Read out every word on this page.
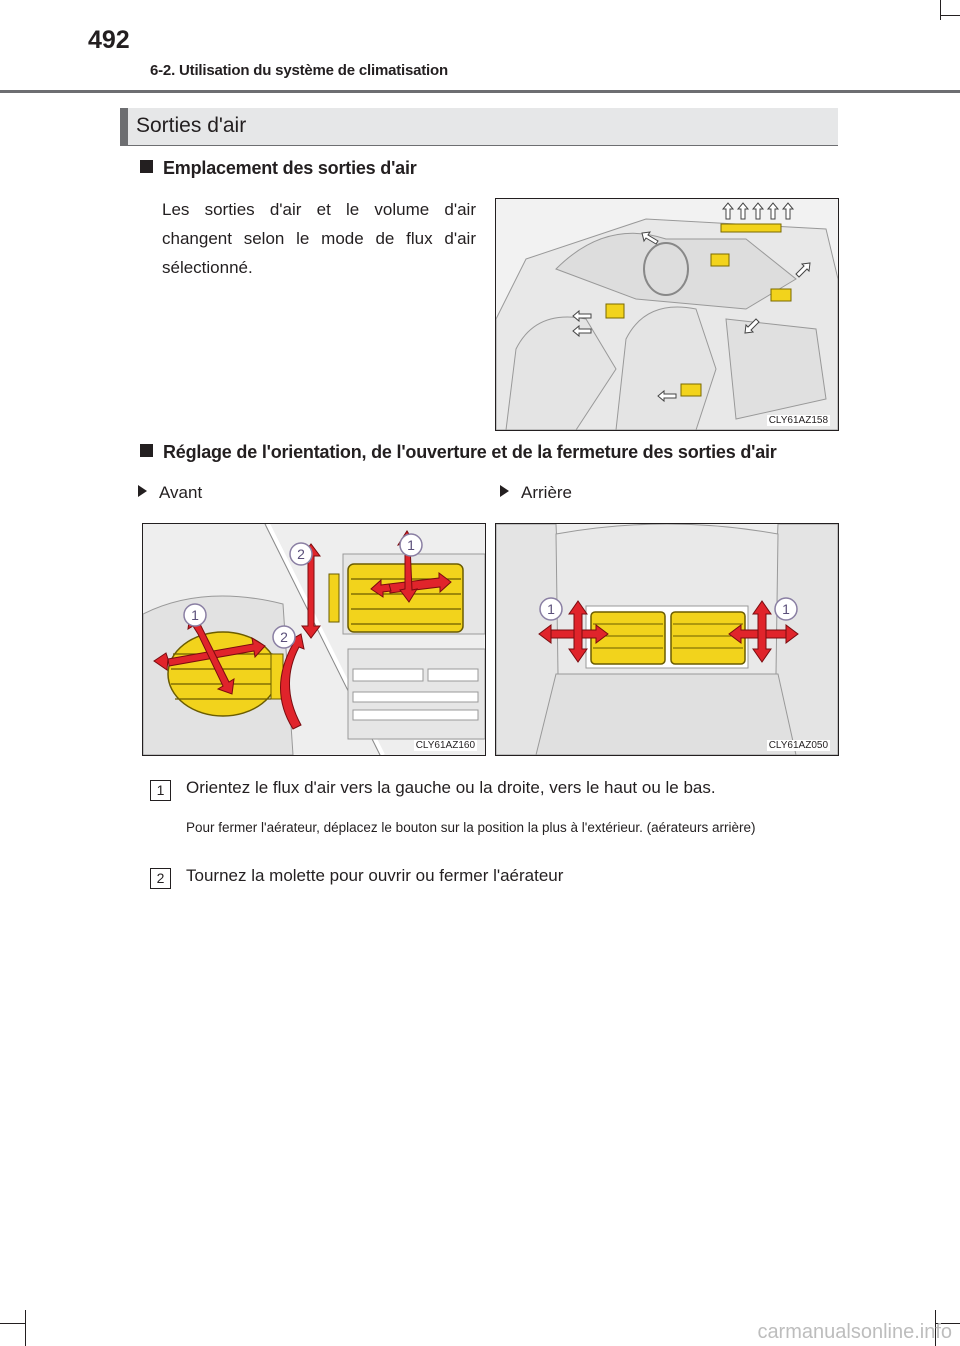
492
6-2. Utilisation du système de climatisation
Sorties d'air
Emplacement des sorties d'air
Les sorties d'air et le volume d'air changent selon le mode de flux d'air sélectionné.
CLY61AZ158
Réglage de l'orientation, de l'ouverture et de la fermeture des sorties d'air
Avant	Arrière
1
2
1
2
CLY61AZ160
1	1
CLY61AZ050
1	Orientez le flux d'air vers la gauche ou la droite, vers le haut ou le bas.
Pour fermer l'aérateur, déplacez le bouton sur la position la plus à l'extérieur. (aérateurs arrière)
2	Tournez la molette pour ouvrir ou fermer l'aérateur
carmanualsonline.info
